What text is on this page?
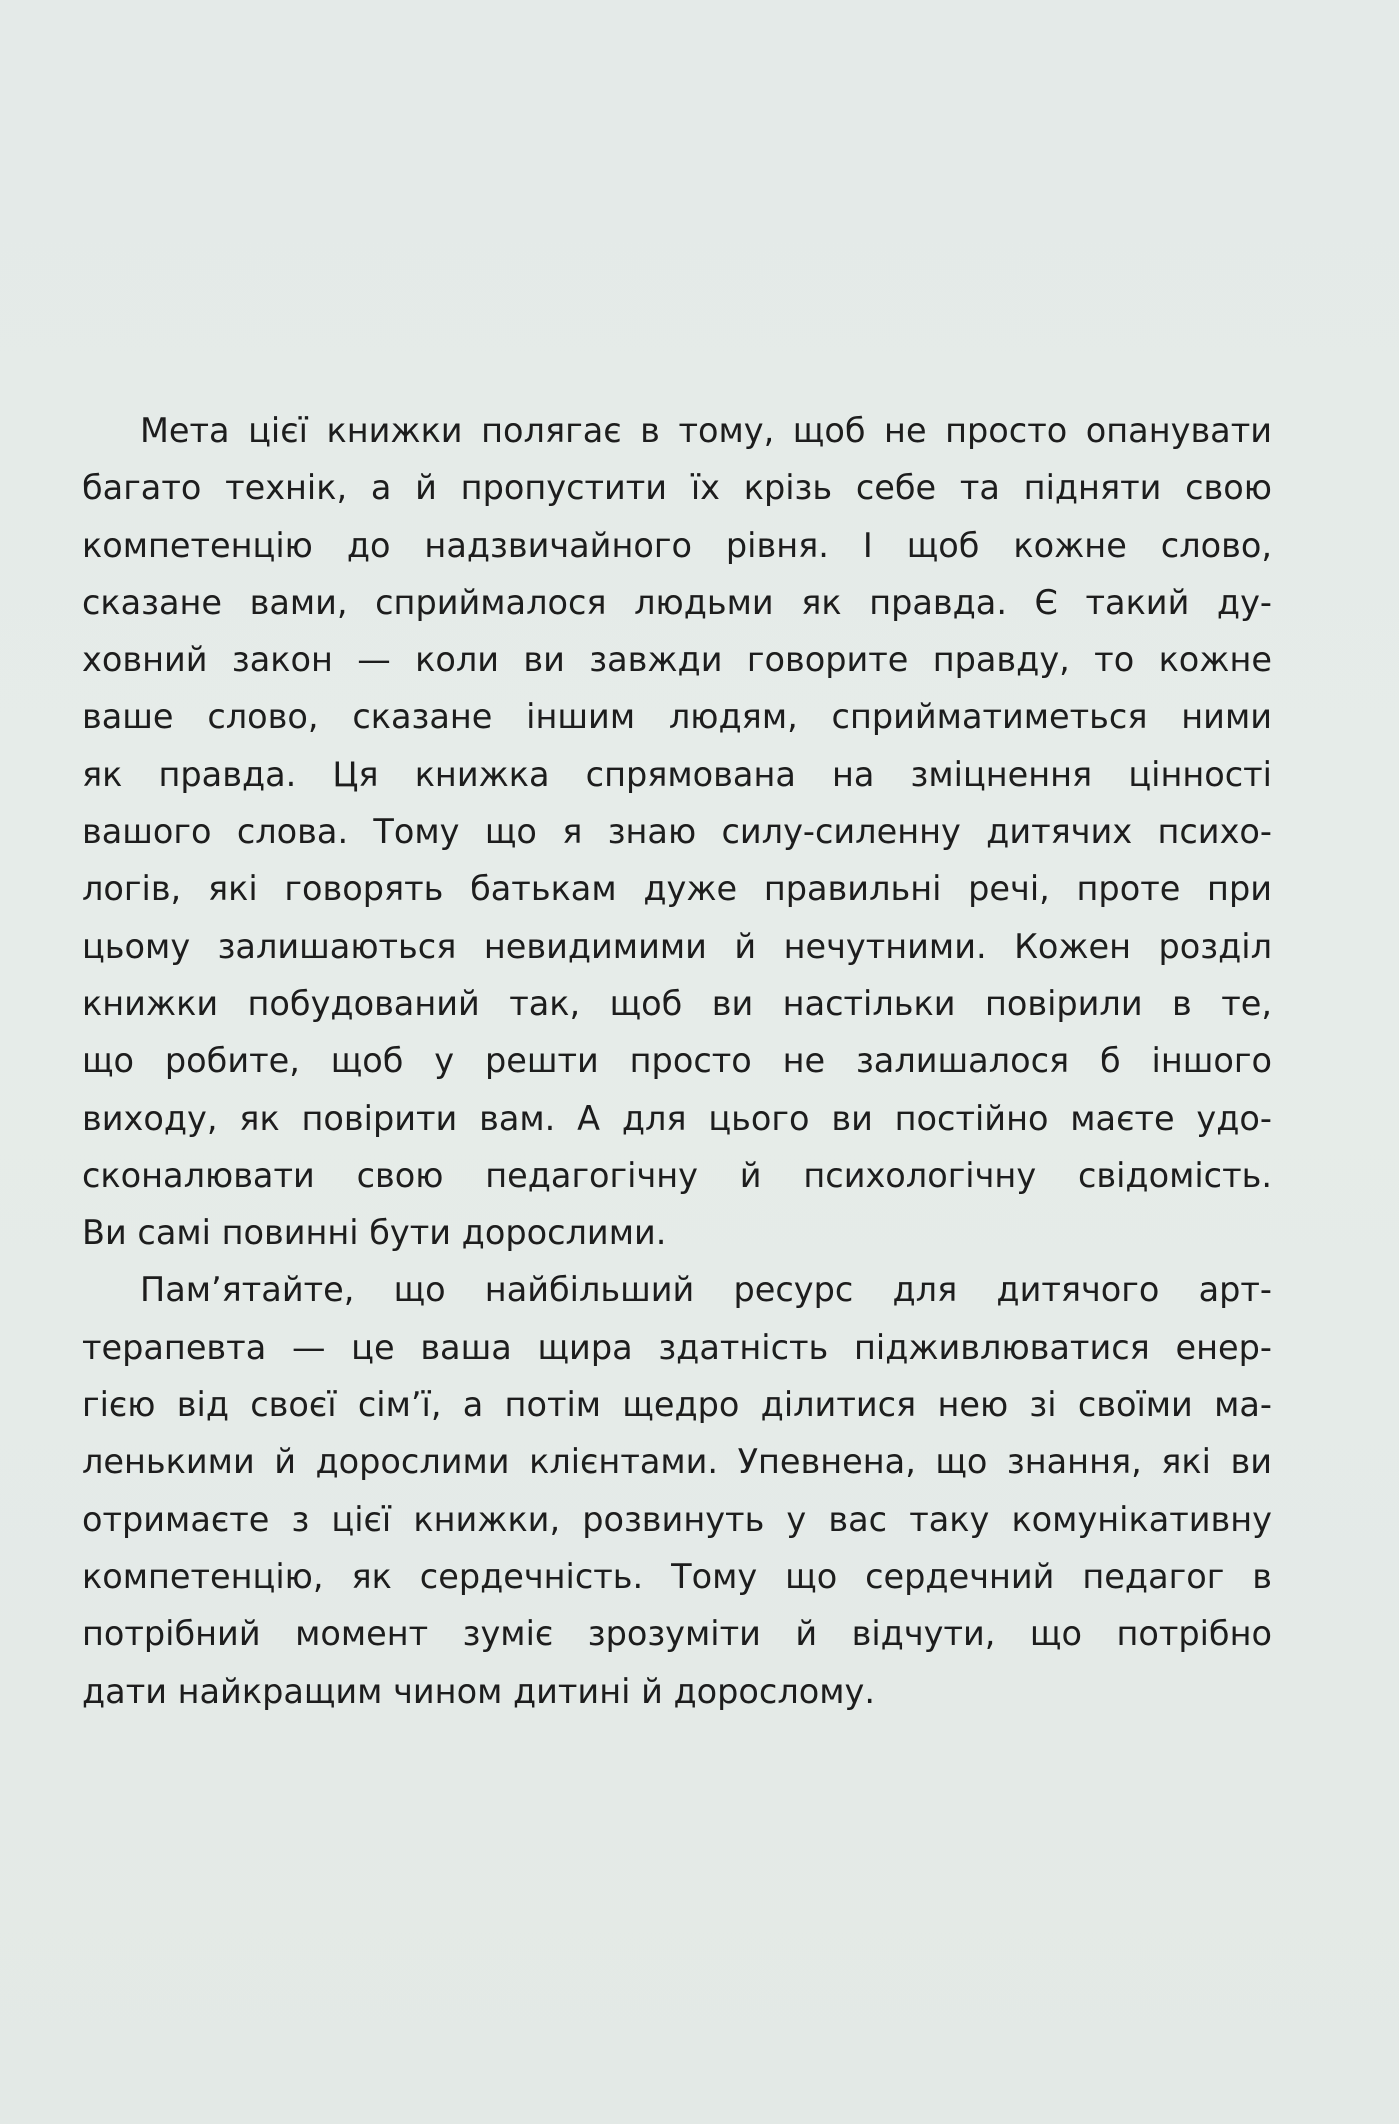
Мета цієї книжки полягає в тому, щоб не просто опанувати
багато технік, а й пропустити їх крізь себе та підняти свою
компетенцію до надзвичайного рівня. І щоб кожне слово,
сказане вами, сприймалося людьми як правда. Є такий ду-
ховний закон — коли ви завжди говорите правду, то кожне
ваше слово, сказане іншим людям, сприйматиметься ними
як правда. Ця книжка спрямована на зміцнення цінності
вашого слова. Тому що я знаю силу-силенну дитячих психо-
логів, які говорять батькам дуже правильні речі, проте при
цьому залишаються невидимими й нечутними. Кожен розділ
книжки побудований так, щоб ви настільки повірили в те,
що робите, щоб у решти просто не залишалося б іншого
виходу, як повірити вам. А для цього ви постійно маєте удо-
сконалювати свою педагогічну й психологічну свідомість.
Ви самі повинні бути дорослими.

Пам’ятайте, що найбільший ресурс для дитячого арт-
терапевта — це ваша щира здатність підживлюватися енер-
гією від своєї сім’ї, а потім щедро ділитися нею зі своїми ма-
ленькими й дорослими клієнтами. Упевнена, що знання, які ви
отримаєте з цієї книжки, розвинуть у вас таку комунікативну
компетенцію, як сердечність. Тому що сердечний педагог в
потрібний момент зуміє зрозуміти й відчути, що потрібно
дати найкращим чином дитині й дорослому.
